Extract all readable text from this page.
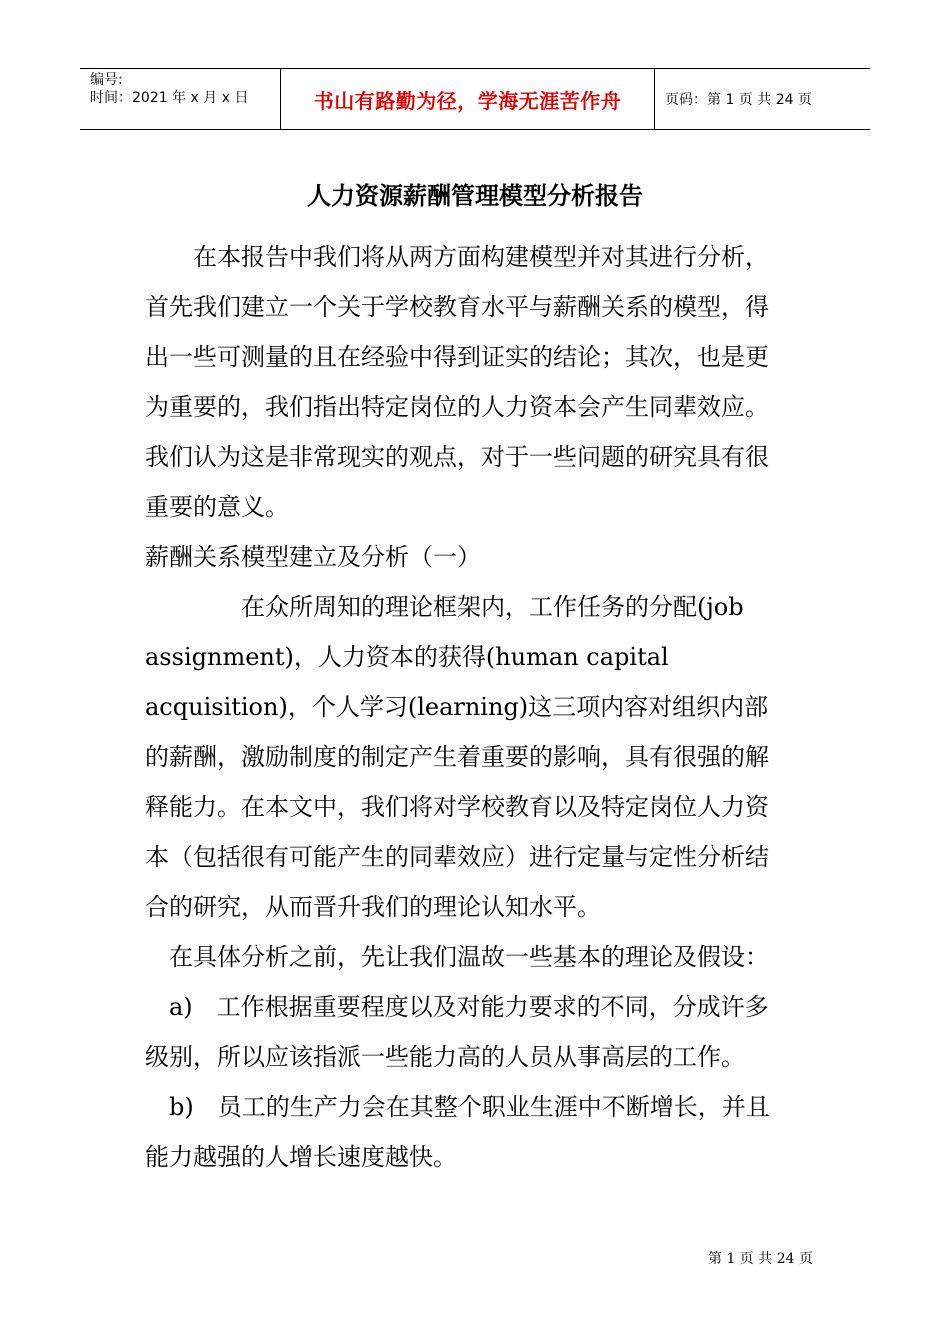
编号:
时间：2021 年 x 月 x 日	书山有路勤为径，学海无涯苦作舟	页码：第 1 页 共 24 页
人力资源薪酬管理模型分析报告
　　在本报告中我们将从两方面构建模型并对其进行分析，
首先我们建立一个关于学校教育水平与薪酬关系的模型，得
出一些可测量的且在经验中得到证实的结论；其次，也是更
为重要的，我们指出特定岗位的人力资本会产生同辈效应。
我们认为这是非常现实的观点，对于一些问题的研究具有很
重要的意义。
薪酬关系模型建立及分析（一）
　　　　在众所周知的理论框架内，工作任务的分配(job
assignment)，人力资本的获得(human capital
acquisition)，个人学习(learning)这三项内容对组织内部
的薪酬，激励制度的制定产生着重要的影响，具有很强的解
释能力。在本文中，我们将对学校教育以及特定岗位人力资
本（包括很有可能产生的同辈效应）进行定量与定性分析结
合的研究，从而晋升我们的理论认知水平。
　在具体分析之前，先让我们温故一些基本的理论及假设：
　a)　工作根据重要程度以及对能力要求的不同，分成许多
级别，所以应该指派一些能力高的人员从事高层的工作。
　b)　员工的生产力会在其整个职业生涯中不断增长，并且
能力越强的人增长速度越快。
第 1 页 共 24 页
